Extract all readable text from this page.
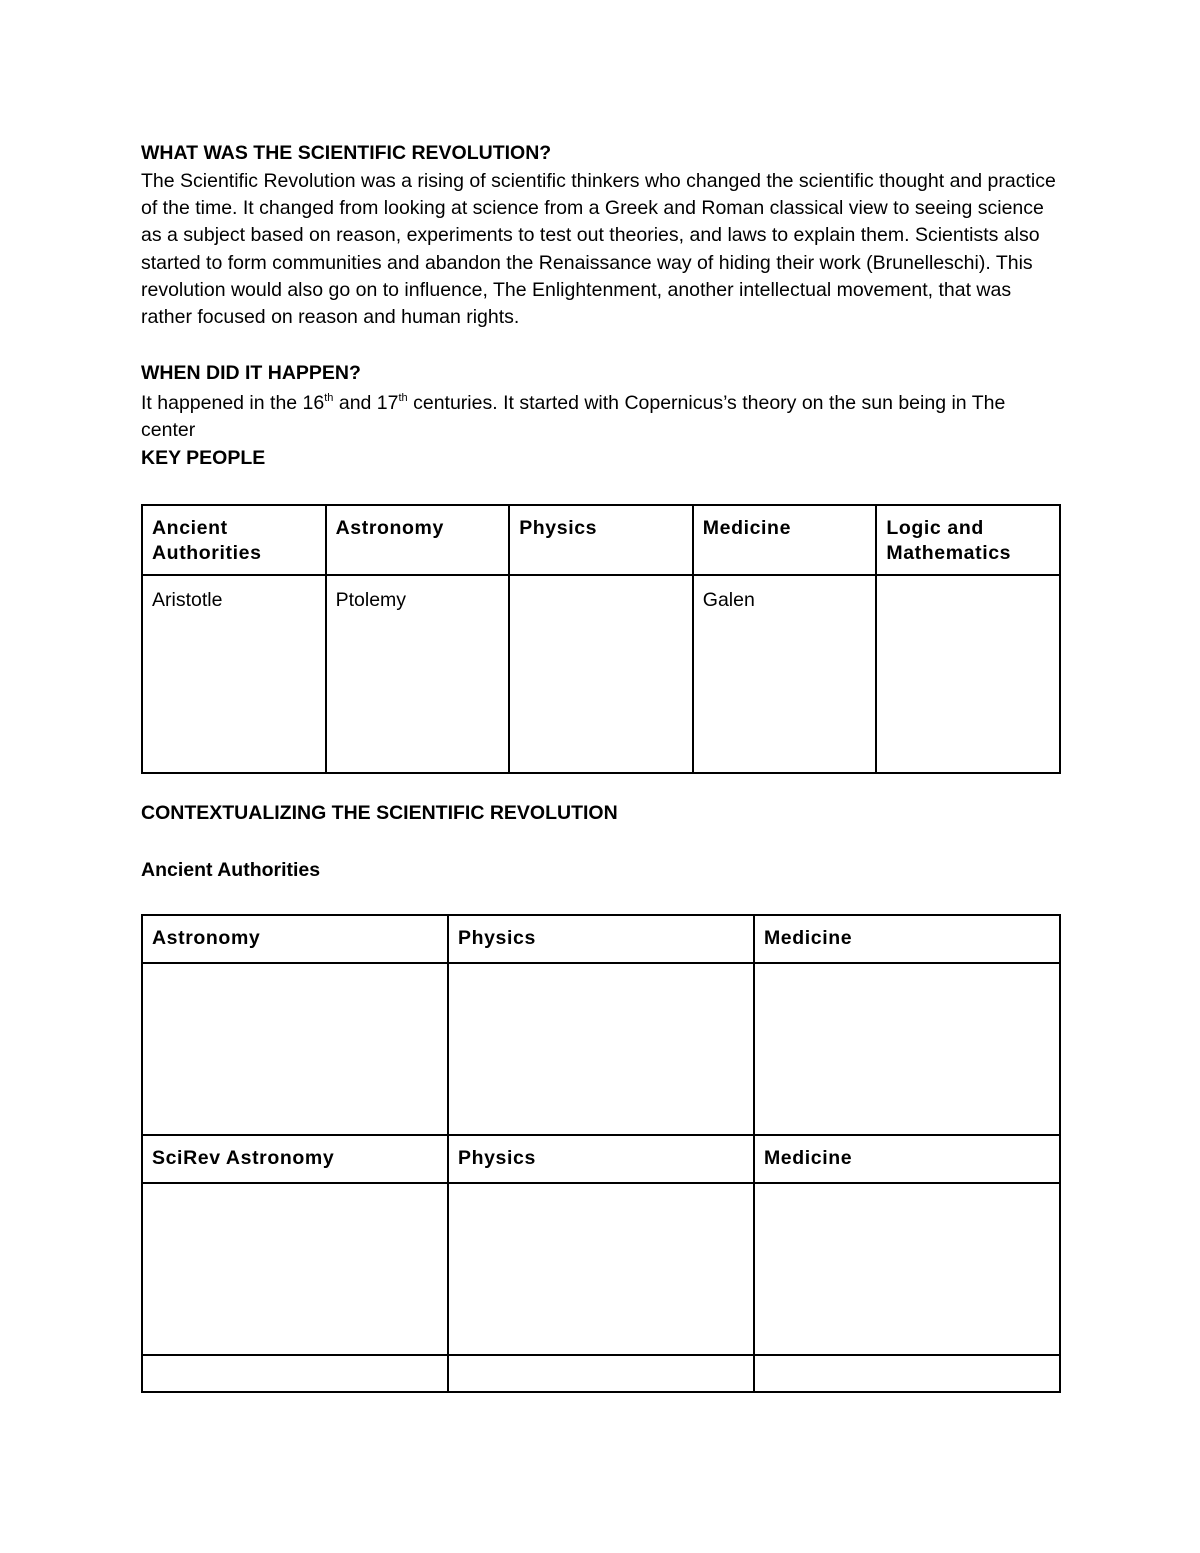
WHAT WAS THE SCIENTIFIC REVOLUTION?

The Scientific Revolution was a rising of scientific thinkers who changed the scientific thought and practice of the time. It changed from looking at science from a Greek and Roman classical view to seeing science as a subject based on reason, experiments to test out theories, and laws to explain them. Scientists also started to form communities and abandon the Renaissance way of hiding their work (Brunelleschi). This revolution would also go on to influence, The Enlightenment, another intellectual movement, that was rather focused on reason and human rights.

WHEN DID IT HAPPEN?

It happened in the 16th and 17th centuries. It started with Copernicus’s theory on the sun being in The center

KEY PEOPLE

Ancient Authorities	Astronomy	Physics	Medicine	Logic and Mathematics
Aristotle	Ptolemy		Galen	

CONTEXTUALIZING THE SCIENTIFIC REVOLUTION

Ancient Authorities

Astronomy	Physics	Medicine

SciRev Astronomy	Physics	Medicine
